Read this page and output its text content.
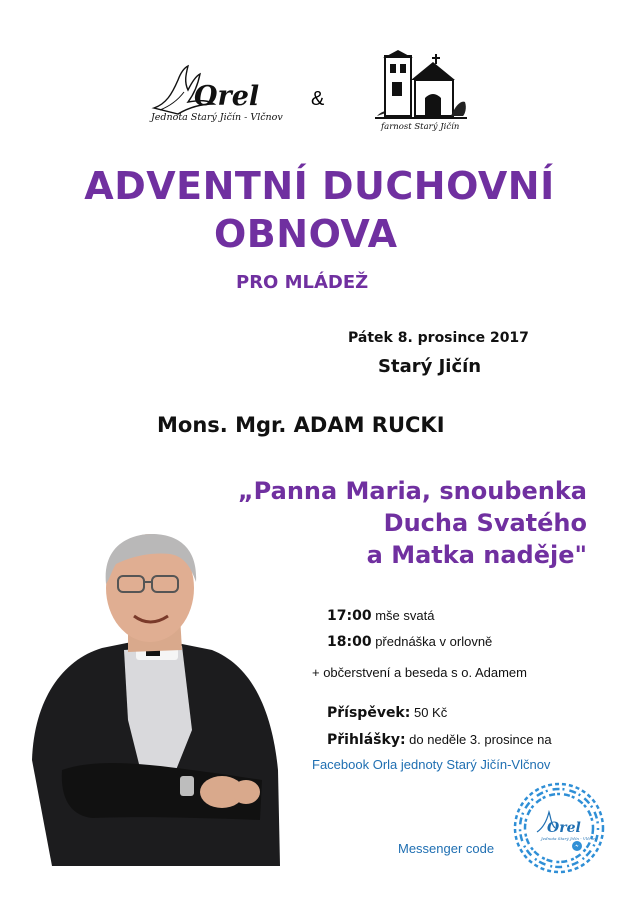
Orel
Jednota Starý Jičín - Vlčnov
&
farnost Starý Jičín
ADVENTNÍ DUCHOVNÍ
OBNOVA
PRO MLÁDEŽ
Pátek 8. prosince 2017
Starý Jičín
Mons. Mgr. ADAM RUCKI
„Panna Maria, snoubenka
Ducha Svatého
a Matka naděje"
17:00 mše svatá
18:00 přednáška v orlovně
+ občerstvení a beseda s o. Adamem
Příspěvek: 50 Kč
Přihlášky: do neděle 3. prosince na
Facebook Orla jednoty Starý Jičín-Vlčnov
Messenger code
Orel
Jednota Starý Jičín - Vlčnov
